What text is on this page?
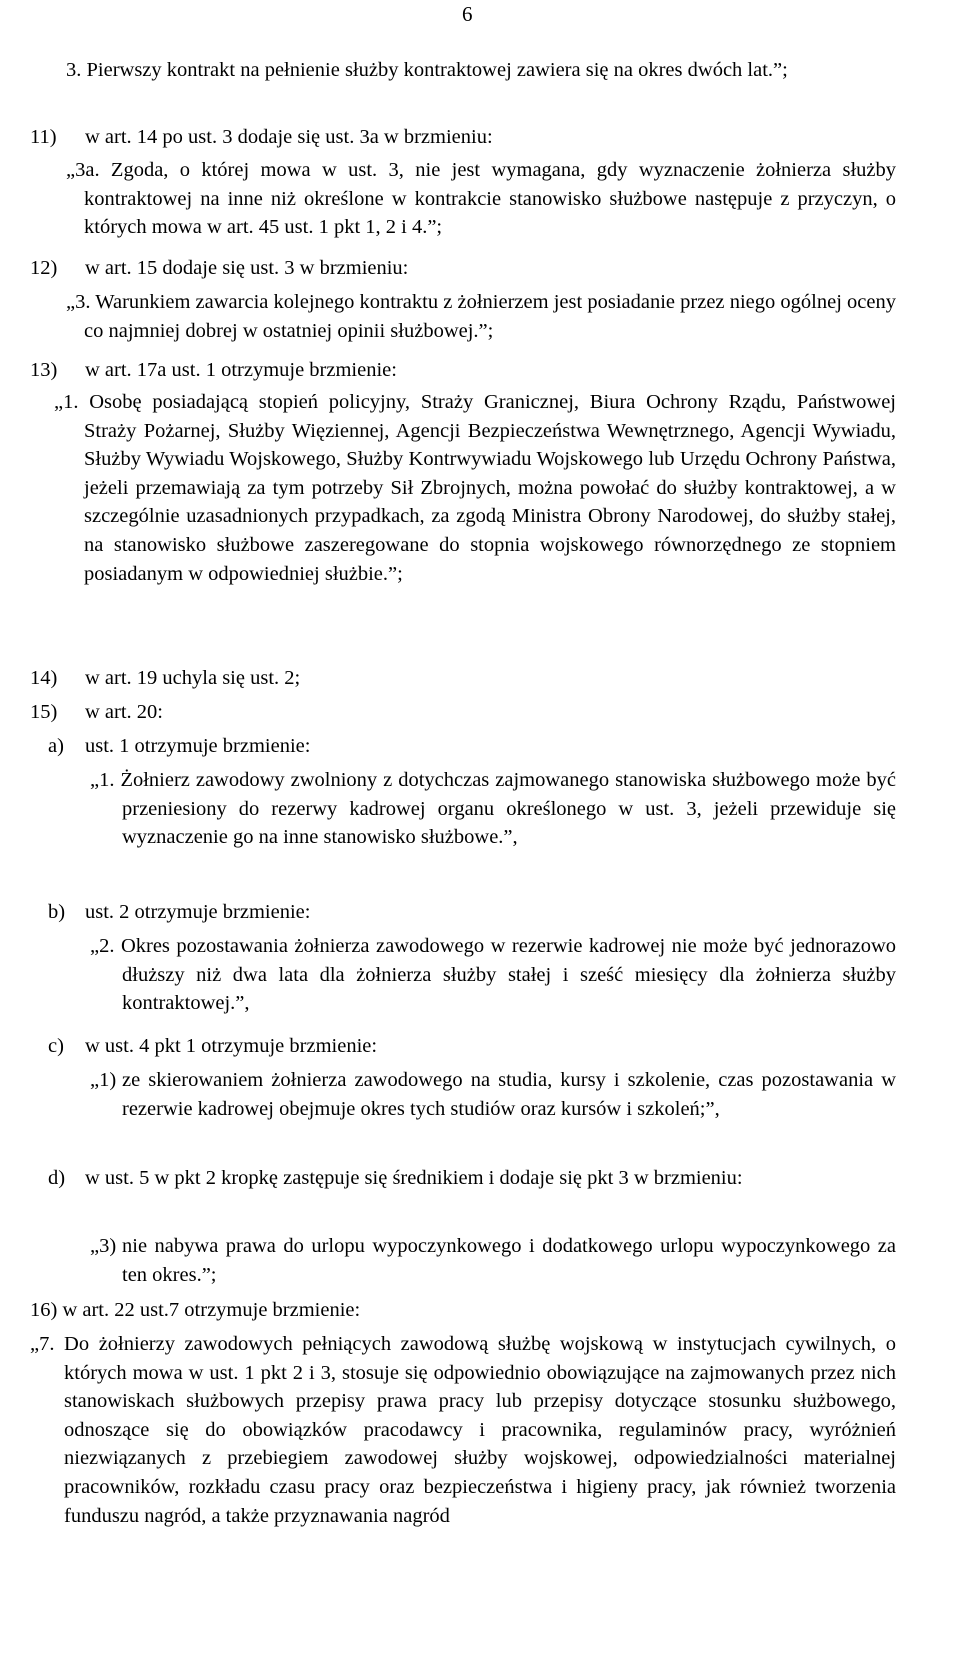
6

3. Pierwszy kontrakt na pełnienie służby kontraktowej zawiera się na okres dwóch lat.”;

11) w art. 14 po ust. 3 dodaje się ust. 3a w brzmieniu:

„3a. Zgoda, o której mowa w ust. 3, nie jest wymagana, gdy wyznaczenie żołnierza służby kontraktowej na inne niż określone w kontrakcie stanowisko służbowe następuje z przyczyn, o których mowa w art. 45 ust. 1 pkt 1, 2 i 4.”;

12) w art. 15 dodaje się ust. 3 w brzmieniu:

„3. Warunkiem zawarcia kolejnego kontraktu z żołnierzem jest posiadanie przez niego ogólnej oceny co najmniej dobrej w ostatniej opinii służbowej.”;

13) w art. 17a ust. 1 otrzymuje brzmienie:

„1. Osobę posiadającą stopień policyjny, Straży Granicznej, Biura Ochrony Rządu, Państwowej Straży Pożarnej, Służby Więziennej, Agencji Bezpieczeństwa Wewnętrznego, Agencji Wywiadu, Służby Wywiadu Wojskowego, Służby Kontrwywiadu Wojskowego lub Urzędu Ochrony Państwa, jeżeli przemawiają za tym potrzeby Sił Zbrojnych, można powołać do służby kontraktowej, a w szczególnie uzasadnionych przypadkach, za zgodą Ministra Obrony Narodowej, do służby stałej, na stanowisko służbowe zaszeregowane do stopnia wojskowego równorzędnego ze stopniem posiadanym w odpowiedniej służbie.”;

14) w art. 19 uchyla się ust. 2;

15) w art. 20:

a) ust. 1 otrzymuje brzmienie:

„1. Żołnierz zawodowy zwolniony z dotychczas zajmowanego stanowiska służbowego może być przeniesiony do rezerwy kadrowej organu określonego w ust. 3, jeżeli przewiduje się wyznaczenie go na inne stanowisko służbowe.”,

b) ust. 2 otrzymuje brzmienie:

„2. Okres pozostawania żołnierza zawodowego w rezerwie kadrowej nie może być jednorazowo dłuższy niż dwa lata dla żołnierza służby stałej i sześć miesięcy dla żołnierza służby kontraktowej.”,

c) w ust. 4 pkt 1 otrzymuje brzmienie:

„1) ze skierowaniem żołnierza zawodowego na studia, kursy i szkolenie, czas pozostawania w rezerwie kadrowej obejmuje okres tych studiów oraz kursów i szkoleń;”,

d) w ust. 5 w pkt 2 kropkę zastępuje się średnikiem i dodaje się pkt 3 w brzmieniu:

„3) nie nabywa prawa do urlopu wypoczynkowego i dodatkowego urlopu wypoczynkowego za ten okres.”;

16) w art. 22 ust.7 otrzymuje brzmienie:

„7. Do żołnierzy zawodowych pełniących zawodową służbę wojskową w instytucjach cywilnych, o których mowa w ust. 1 pkt 2 i 3, stosuje się odpowiednio obowiązujące na zajmowanych przez nich stanowiskach służbowych przepisy prawa pracy lub przepisy dotyczące stosunku służbowego, odnoszące się do obowiązków pracodawcy i pracownika, regulaminów pracy, wyróżnień niezwiązanych z przebiegiem zawodowej służby wojskowej, odpowiedzialności materialnej pracowników, rozkładu czasu pracy oraz bezpieczeństwa i higieny pracy, jak również tworzenia funduszu nagród, a także przyznawania nagród
